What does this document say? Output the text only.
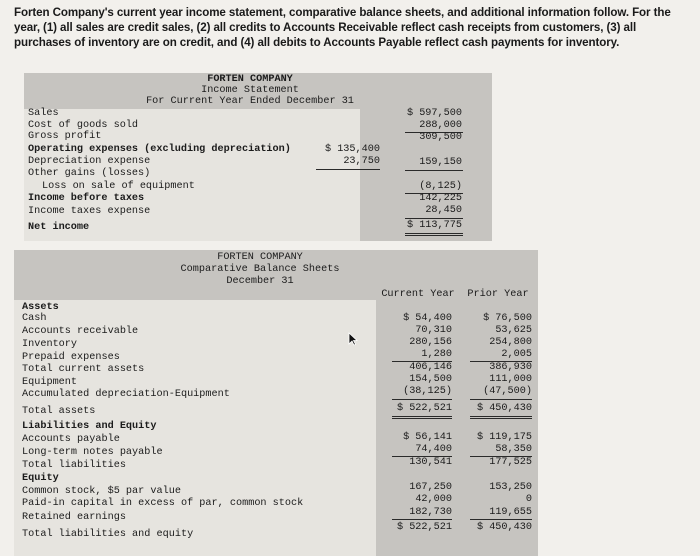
Forten Company's current year income statement, comparative balance sheets, and additional information follow. For the year, (1) all sales are credit sales, (2) all credits to Accounts Receivable reflect cash receipts from customers, (3) all purchases of inventory are on credit, and (4) all debits to Accounts Payable reflect cash payments for inventory.
FORTEN COMPANY
Income Statement
For Current Year Ended December 31
Sales
Cost of goods sold
Gross profit
Operating expenses (excluding depreciation)
Depreciation expense
Other gains (losses)
Loss on sale of equipment
Income before taxes
Income taxes expense
Net income
$ 135,400
23,750
$ 597,500
288,000
309,500
159,150
(8,125)
142,225
28,450
$ 113,775
FORTEN COMPANY
Comparative Balance Sheets
December 31
Current Year	Prior Year
Assets
Cash
Accounts receivable
Inventory
Prepaid expenses
Total current assets
Equipment
Accumulated depreciation-Equipment
Total assets
Liabilities and Equity
Accounts payable
Long-term notes payable
Total liabilities
Equity
Common stock, $5 par value
Paid-in capital in excess of par, common stock
Retained earnings
Total liabilities and equity
$ 54,400
70,310
280,156
1,280
406,146
154,500
(38,125)
$ 522,521
$ 56,141
74,400
130,541
167,250
42,000
182,730
$ 522,521
$ 76,500
53,625
254,800
2,005
386,930
111,000
(47,500)
$ 450,430
$ 119,175
58,350
177,525
153,250
0
119,655
$ 450,430
